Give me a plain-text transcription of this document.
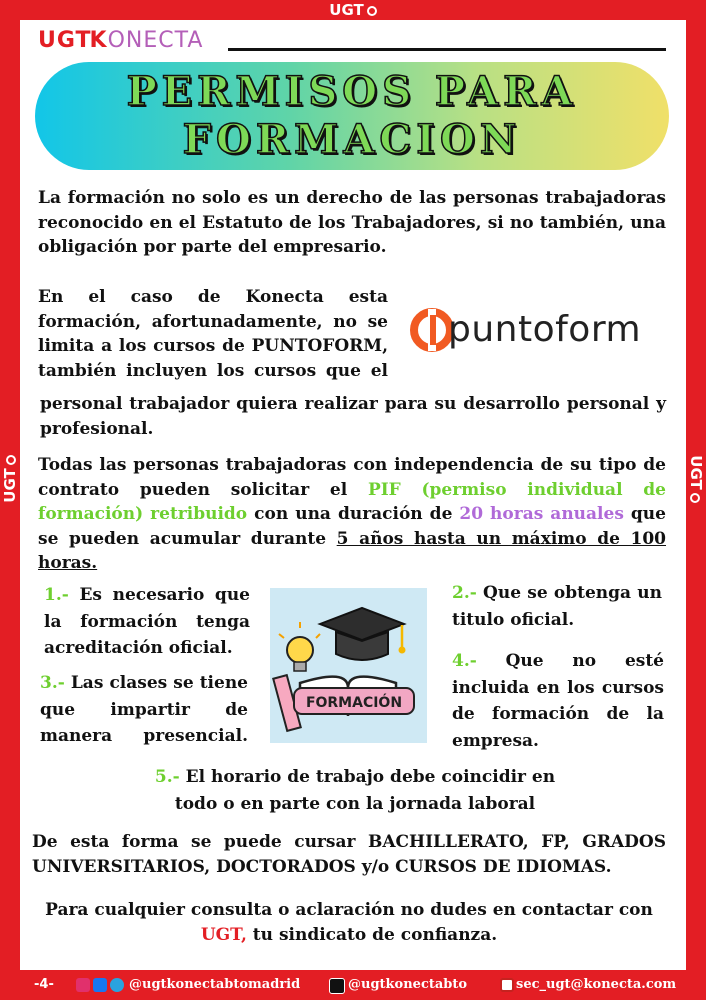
UGT
UGT	UGT
UGTKONECTA
PERMISOS PARA
FORMACION

La formación no solo es un derecho de las personas trabajadoras reconocido en el Estatuto de los Trabajadores, si no también, una obligación por parte del empresario.

En el caso de Konecta esta formación, afortunadamente, no se limita a los cursos de PUNTOFORM, también incluyen los cursos que el

personal trabajador quiera realizar para su desarrollo personal y profesional.

puntoform

Todas las personas trabajadoras con independencia de su tipo de contrato pueden solicitar el PIF (permiso individual de formación) retribuido con una duración de 20 horas anuales que se pueden acumular durante 5 años hasta un máximo de 100 horas.

1.- Es necesario que la formación tenga acreditación oficial.

2.- Que se obtenga un titulo oficial.

3.- Las clases se tiene que impartir de manera presencial.

4.- Que no esté incluida en los cursos de formación de la empresa.

5.- El horario de trabajo debe coincidir en todo o en parte con la jornada laboral

FORMACIÓN

De esta forma se puede cursar BACHILLERATO, FP, GRADOS UNIVERSITARIOS, DOCTORADOS y/o CURSOS DE IDIOMAS.

Para cualquier consulta o aclaración no dudes en contactar con UGT, tu sindicato de confianza.

-4-	@ugtkonectabtomadrid	@ugtkonectabto	sec_ugt@konecta.com
